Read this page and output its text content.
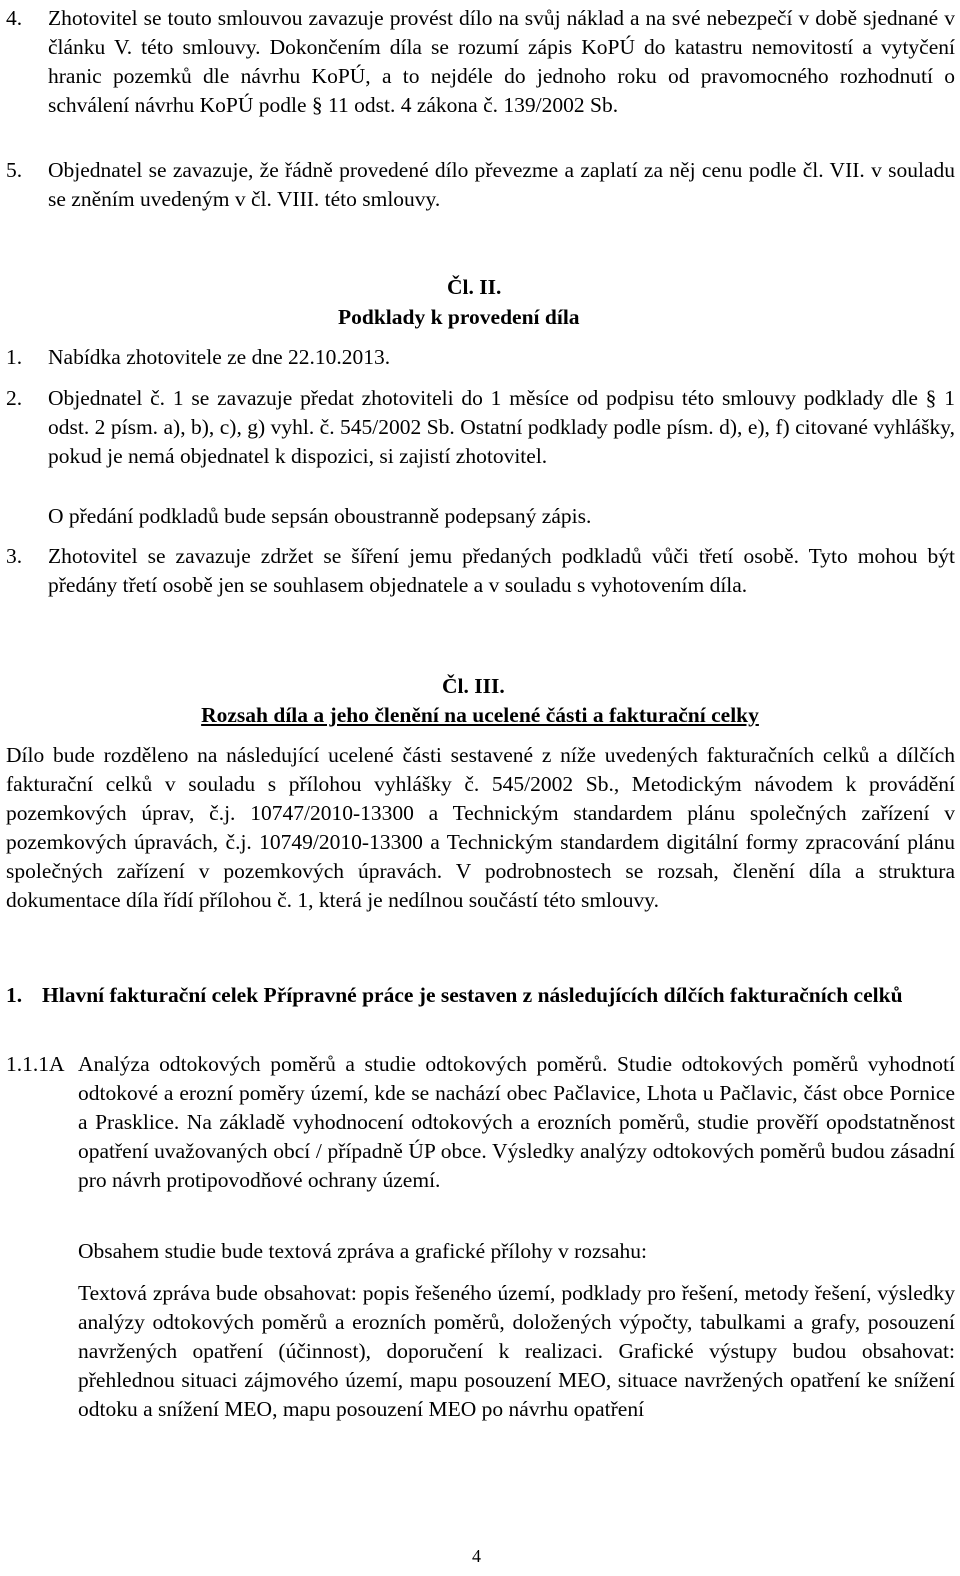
4. Zhotovitel se touto smlouvou zavazuje provést dílo na svůj náklad a na své nebezpečí v době sjednané v článku V. této smlouvy. Dokončením díla se rozumí zápis KoPÚ do katastru nemovitostí a vytyčení hranic pozemků dle návrhu KoPÚ, a to nejdéle do jednoho roku od pravomocného rozhodnutí o schválení návrhu KoPÚ podle § 11 odst. 4 zákona č. 139/2002 Sb.
5. Objednatel se zavazuje, že řádně provedené dílo převezme a zaplatí za něj cenu podle čl. VII. v souladu se zněním uvedeným v čl. VIII. této smlouvy.
Čl. II.
Podklady k provedení díla
1. Nabídka zhotovitele ze dne 22.10.2013.
2. Objednatel č. 1 se zavazuje předat zhotoviteli do 1 měsíce od podpisu této smlouvy podklady dle § 1 odst. 2 písm. a), b), c), g) vyhl. č. 545/2002 Sb. Ostatní podklady podle písm. d), e), f) citované vyhlášky, pokud je nemá objednatel k dispozici, si zajistí zhotovitel.
O předání podkladů bude sepsán oboustranně podepsaný zápis.
3. Zhotovitel se zavazuje zdržet se šíření jemu předaných podkladů vůči třetí osobě. Tyto mohou být předány třetí osobě jen se souhlasem objednatele a v souladu s vyhotovením díla.
Čl. III.
Rozsah díla a jeho členění na ucelené části a fakturační celky
Dílo bude rozděleno na následující ucelené části sestavené z níže uvedených fakturačních celků a dílčích fakturační celků v souladu s přílohou vyhlášky č. 545/2002 Sb., Metodickým návodem k provádění pozemkových úprav, č.j. 10747/2010-13300 a Technickým standardem plánu společných zařízení v pozemkových úpravách, č.j. 10749/2010-13300 a Technickým standardem digitální formy zpracování plánu společných zařízení v pozemkových úpravách. V podrobnostech se rozsah, členění díla a struktura dokumentace díla řídí přílohou č. 1, která je nedílnou součástí této smlouvy.
1. Hlavní fakturační celek Přípravné práce je sestaven z následujících dílčích fakturačních celků
1.1.1A Analýza odtokových poměrů a studie odtokových poměrů. Studie odtokových poměrů vyhodnotí odtokové a erozní poměry území, kde se nachází obec Pačlavice, Lhota u Pačlavic, část obce Pornice a Prasklice. Na základě vyhodnocení odtokových a erozních poměrů, studie prověří opodstatněnost opatření uvažovaných obcí / případně ÚP obce. Výsledky analýzy odtokových poměrů budou zásadní pro návrh protipovodňové ochrany území.
Obsahem studie bude textová zpráva a grafické přílohy v rozsahu:
Textová zpráva bude obsahovat: popis řešeného území, podklady pro řešení, metody řešení, výsledky analýzy odtokových poměrů a erozních poměrů, doložených výpočty, tabulkami a grafy, posouzení navržených opatření (účinnost), doporučení k realizaci. Grafické výstupy budou obsahovat: přehlednou situaci zájmového území, mapu posouzení MEO, situace navržených opatření ke snížení odtoku a snížení MEO, mapu posouzení MEO po návrhu opatření
4
